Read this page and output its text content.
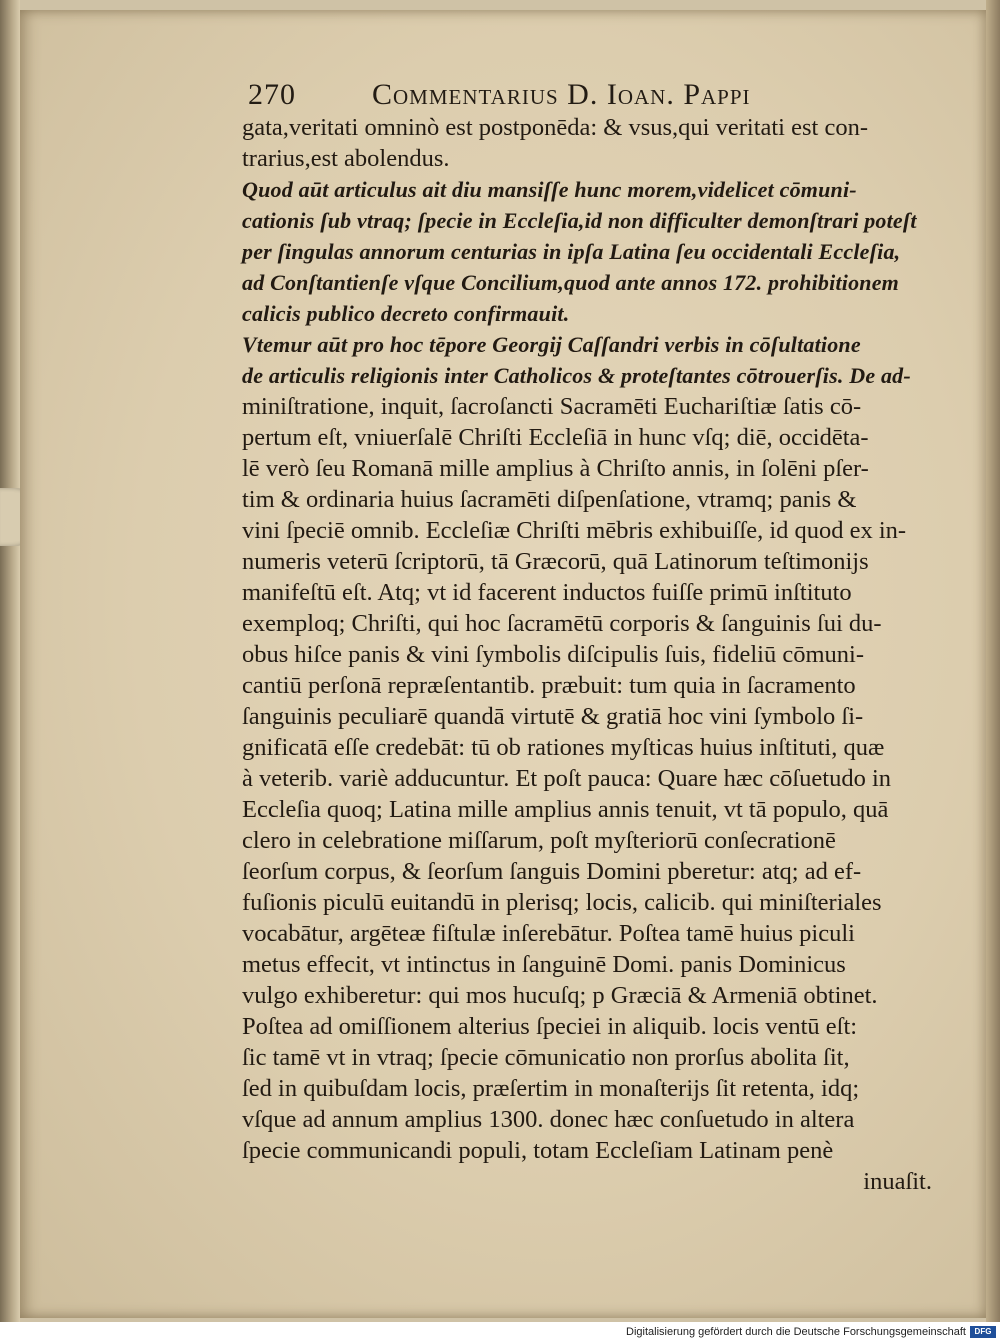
270	Commentarius D. Ioan. Pappi
gata,veritati omninò est postponēda: & vsus,qui veritati est con-
trarius,est abolendus.
Quod aūt articulus ait diu mansiſſe hunc morem,videlicet cōmuni-
cationis ſub vtraq; ſpecie in Eccleſia,id non difficulter demonſtrari poteſt
per ſingulas annorum centurias in ipſa Latina ſeu occidentali Eccleſia,
ad Conſtantienſe vſque Concilium,quod ante annos 172. prohibitionem
calicis publico decreto confirmauit.
Vtemur aūt pro hoc tēpore Georgij Caſſandri verbis in cōſultatione
de articulis religionis inter Catholicos & proteſtantes cōtrouerſis. De ad-
miniſtratione, inquit, ſacroſancti Sacramēti Euchariſtiæ ſatis cō-
pertum eſt, vniuerſalē Chriſti Eccleſiā in hunc vſq; diē, occidēta-
lē verò ſeu Romanā mille amplius à Chriſto annis, in ſolēni pſer-
tim & ordinaria huius ſacramēti diſpenſatione, vtramq; panis &
vini ſpeciē omnib. Eccleſiæ Chriſti mēbris exhibuiſſe, id quod ex in-
numeris veterū ſcriptorū, tā Græcorū, quā Latinorum teſtimonijs
manifeſtū eſt. Atq; vt id facerent inductos fuiſſe primū inſtituto
exemploq; Chriſti, qui hoc ſacramētū corporis & ſanguinis ſui du-
obus hiſce panis & vini ſymbolis diſcipulis ſuis, fideliū cōmuni-
cantiū perſonā repræſentantib. præbuit: tum quia in ſacramento
ſanguinis peculiarē quandā virtutē & gratiā hoc vini ſymbolo ſi-
gnificatā eſſe credebāt: tū ob rationes myſticas huius inſtituti, quæ
à veterib. variè adducuntur. Et poſt pauca: Quare hæc cōſuetudo in
Eccleſia quoq; Latina mille amplius annis tenuit, vt tā populo, quā
clero in celebratione miſſarum, poſt myſteriorū conſecrationē
ſeorſum corpus, & ſeorſum ſanguis Domini pberetur: atq; ad ef-
fuſionis piculū euitandū in plerisq; locis, calicib. qui miniſteriales
vocabātur, argēteæ fiſtulæ inſerebātur. Poſtea tamē huius piculi
metus effecit, vt intinctus in ſanguinē Domi. panis Dominicus
vulgo exhiberetur: qui mos hucuſq; p Græciā & Armeniā obtinet.
Poſtea ad omiſſionem alterius ſpeciei in aliquib. locis ventū eſt:
ſic tamē vt in vtraq; ſpecie cōmunicatio non prorſus abolita ſit,
ſed in quibuſdam locis, præſertim in monaſterijs ſit retenta, idq;
vſque ad annum amplius 1300. donec hæc conſuetudo in altera
ſpecie communicandi populi, totam Eccleſiam Latinam penè
inuaſit.
Digitalisierung gefördert durch die Deutsche Forschungsgemeinschaft	DFG
